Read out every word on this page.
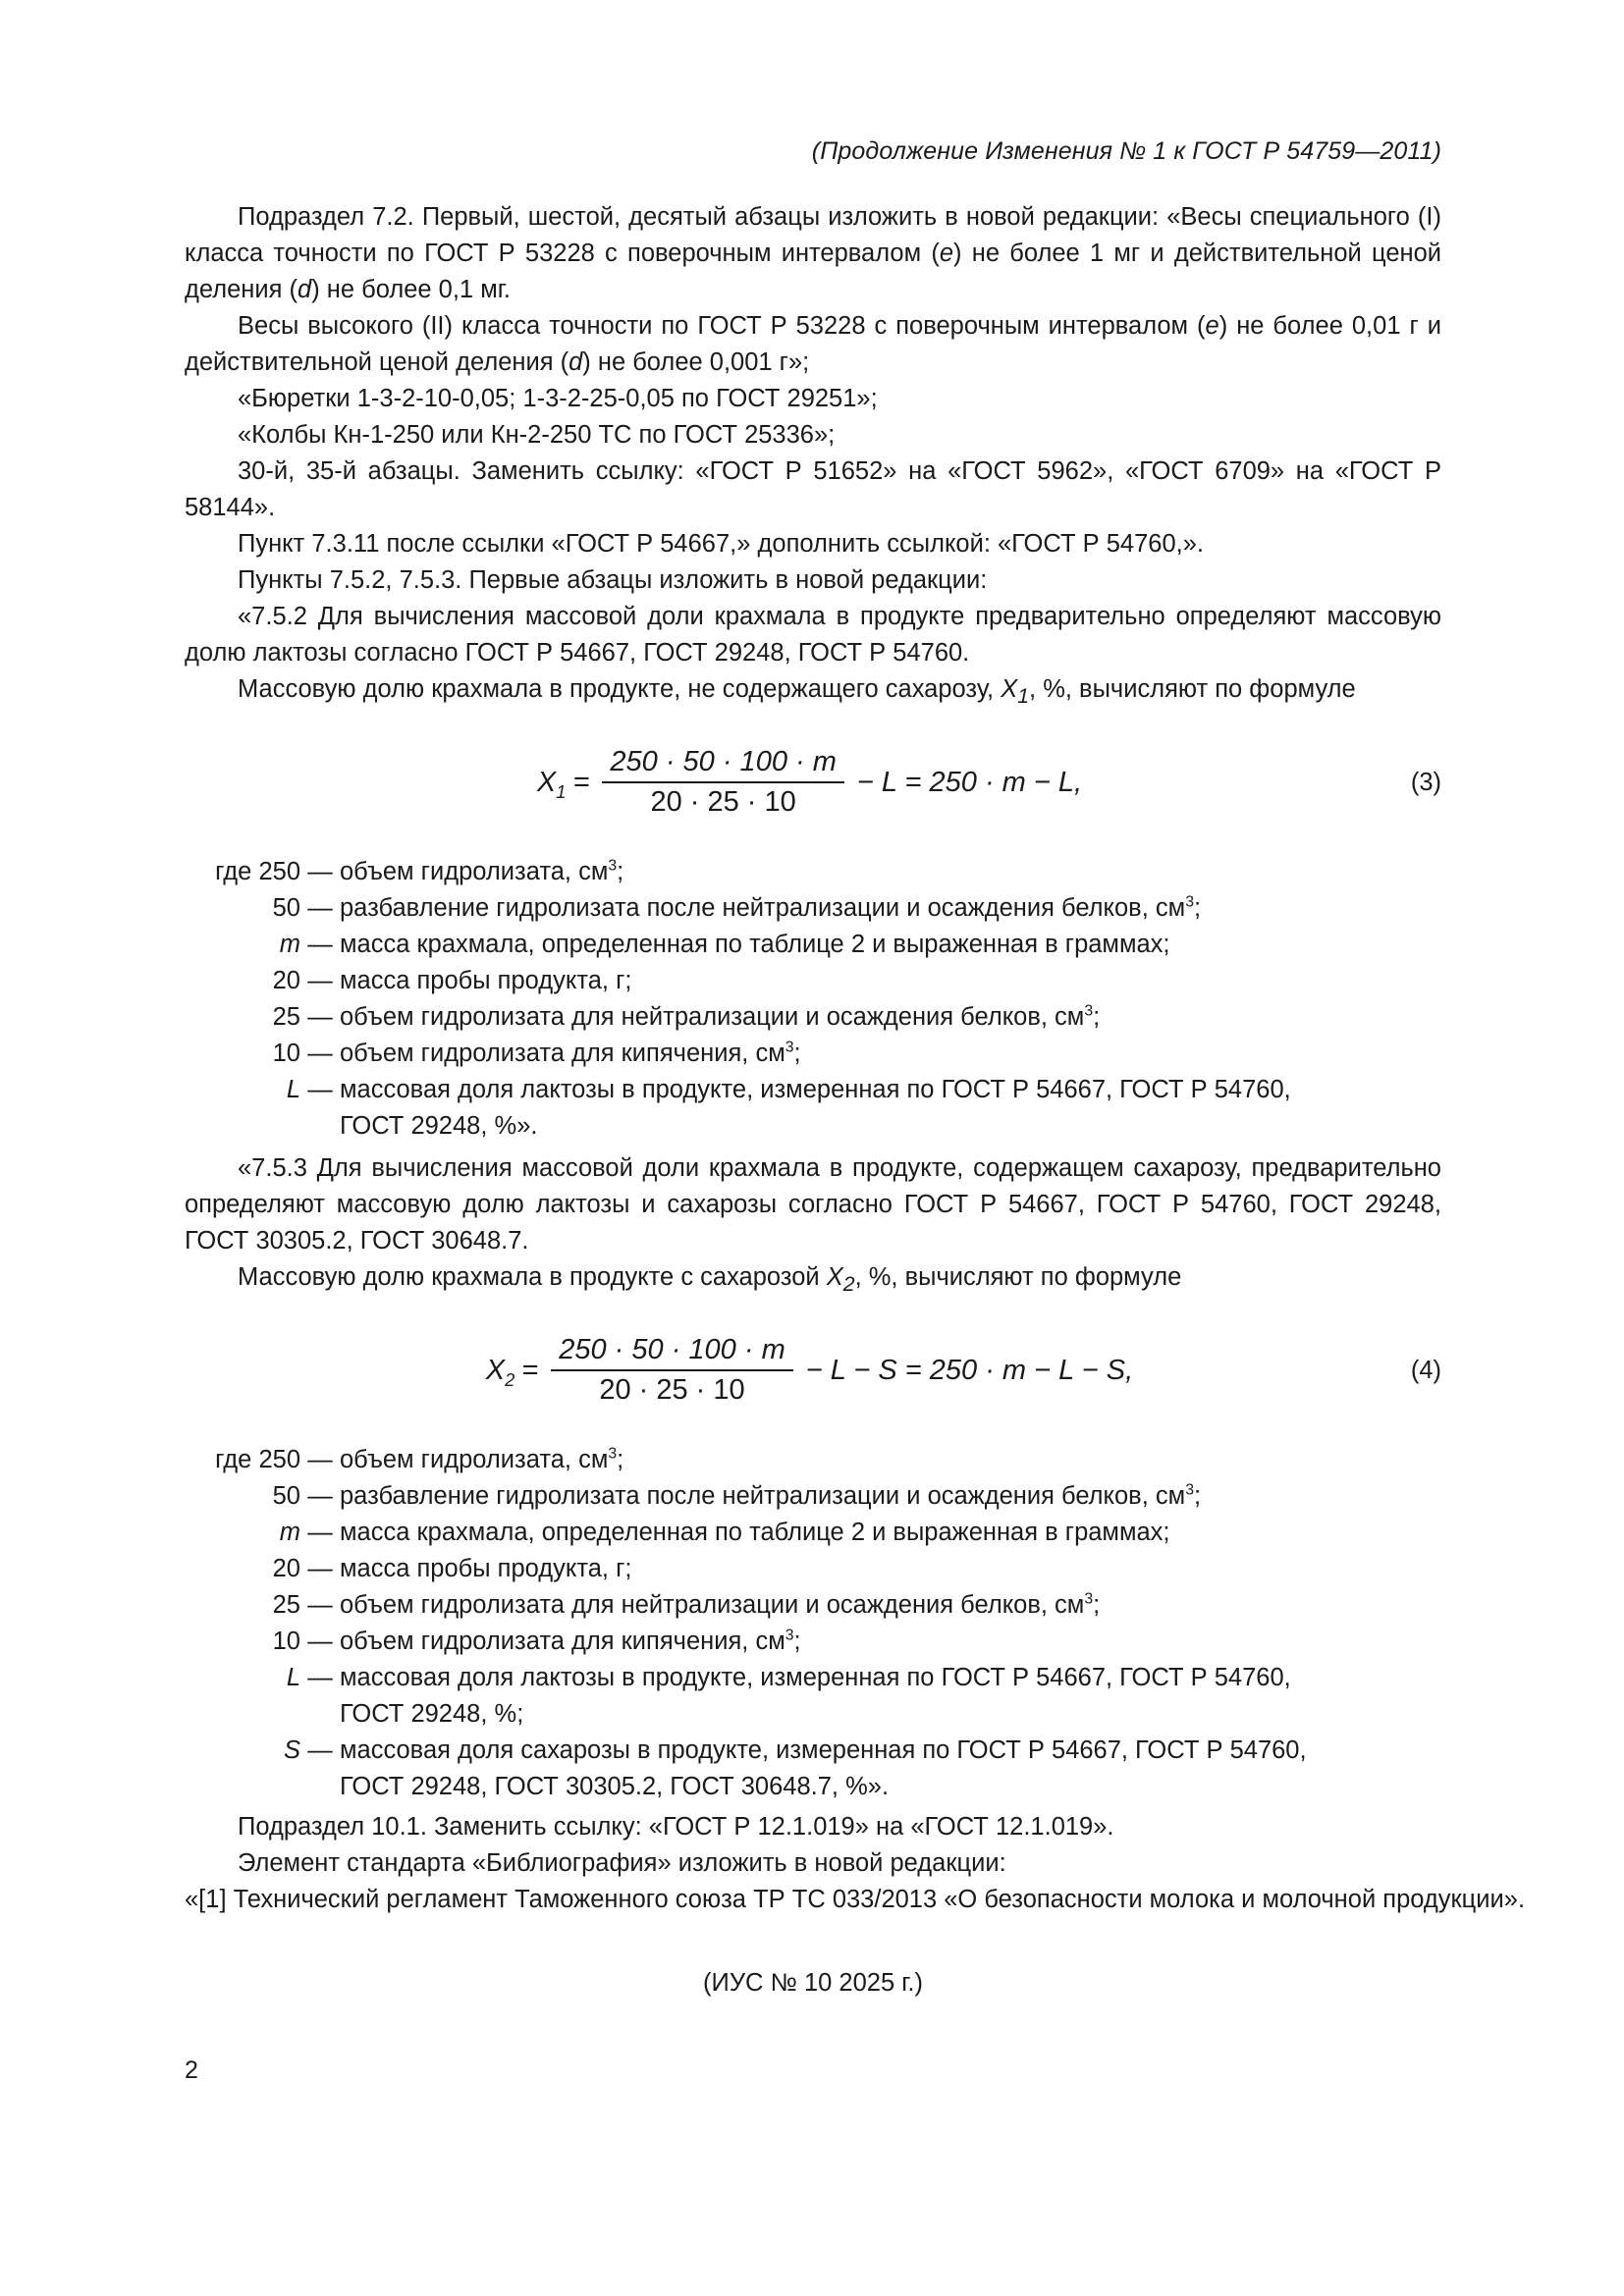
(Продолжение Изменения № 1 к ГОСТ Р 54759—2011)

Подраздел 7.2. Первый, шестой, десятый абзацы изложить в новой редакции: «Весы специального (I) класса точности по ГОСТ Р 53228 с поверочным интервалом (e) не более 1 мг и действительной ценой деления (d) не более 0,1 мг.

Весы высокого (II) класса точности по ГОСТ Р 53228 с поверочным интервалом (e) не более 0,01 г и действительной ценой деления (d) не более 0,001 г»;

«Бюретки 1-3-2-10-0,05; 1-3-2-25-0,05 по ГОСТ 29251»;

«Колбы Кн-1-250 или Кн-2-250 ТС по ГОСТ 25336»;

30-й, 35-й абзацы. Заменить ссылку: «ГОСТ Р 51652» на «ГОСТ 5962», «ГОСТ 6709» на «ГОСТ Р 58144».

Пункт 7.3.11 после ссылки «ГОСТ Р 54667,» дополнить ссылкой: «ГОСТ Р 54760,».

Пункты 7.5.2, 7.5.3. Первые абзацы изложить в новой редакции:

«7.5.2 Для вычисления массовой доли крахмала в продукте предварительно определяют массовую долю лактозы согласно ГОСТ Р 54667, ГОСТ 29248, ГОСТ Р 54760.

Массовую долю крахмала в продукте, не содержащего сахарозу, $X_1$, %, вычисляют по формуле

$X_1 = \frac{250 \cdot 50 \cdot 100 \cdot m}{20 \cdot 25 \cdot 10} - L = 250 \cdot m - L$,	(3)
где 250 — объем гидролизата, $см^3$;
50 — разбавление гидролизата после нейтрализации и осаждения белков, $см^3$;
m — масса крахмала, определенная по таблице 2 и выраженная в граммах;
20 — масса пробы продукта, г;
25 — объем гидролизата для нейтрализации и осаждения белков, $см^3$;
10 — объем гидролизата для кипячения, $см^3$;
L — массовая доля лактозы в продукте, измеренная по ГОСТ Р 54667, ГОСТ Р 54760,
ГОСТ 29248, %».

«7.5.3 Для вычисления массовой доли крахмала в продукте, содержащем сахарозу, предварительно определяют массовую долю лактозы и сахарозы согласно ГОСТ Р 54667, ГОСТ Р 54760, ГОСТ 29248, ГОСТ 30305.2, ГОСТ 30648.7.

Массовую долю крахмала в продукте с сахарозой $X_2$, %, вычисляют по формуле

$X_2 = \frac{250 \cdot 50 \cdot 100 \cdot m}{20 \cdot 25 \cdot 10} - L - S = 250 \cdot m - L - S$,	(4)
где 250 — объем гидролизата, $см^3$;
50 — разбавление гидролизата после нейтрализации и осаждения белков, $см^3$;
m — масса крахмала, определенная по таблице 2 и выраженная в граммах;
20 — масса пробы продукта, г;
25 — объем гидролизата для нейтрализации и осаждения белков, $см^3$;
10 — объем гидролизата для кипячения, $см^3$;
L — массовая доля лактозы в продукте, измеренная по ГОСТ Р 54667, ГОСТ Р 54760,
ГОСТ 29248, %;
S — массовая доля сахарозы в продукте, измеренная по ГОСТ Р 54667, ГОСТ Р 54760,
ГОСТ 29248, ГОСТ 30305.2, ГОСТ 30648.7, %».

Подраздел 10.1. Заменить ссылку: «ГОСТ Р 12.1.019» на «ГОСТ 12.1.019».

Элемент стандарта «Библиография» изложить в новой редакции:

«[1] Технический регламент Таможенного союза ТР ТС 033/2013 «О безопасности молока и молочной продукции».

(ИУС № 10 2025 г.)
2
